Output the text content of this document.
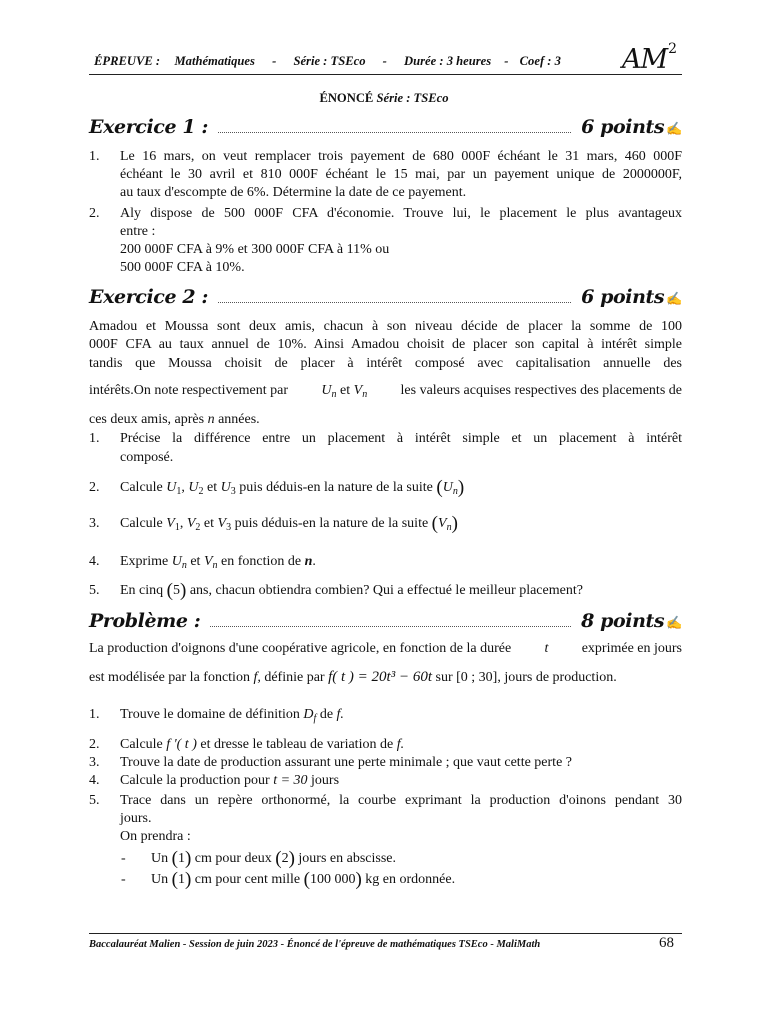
ÉPREUVE : Mathématiques - Série : TSEco - Durée : 3 heures - Coef : 3	$AM^2$
ÉNONCÉ Série : TSEco
Exercice 1 :	6 points ✍
1. Le 16 mars, on veut remplacer trois payement de 680 000F échéant le 31 mars, 460 000F
échéant le 30 avril et 810 000F échéant le 15 mai, par un payement unique de 2000000F,
au taux d'escompte de 6%. Détermine la date de ce payement.
2. Aly dispose de 500 000F CFA d'économie. Trouve lui, le placement le plus avantageux
entre :
200 000F CFA à 9% et 300 000F CFA à 11% ou
500 000F CFA à 10%.
Exercice 2 :	6 points ✍
Amadou et Moussa sont deux amis, chacun à son niveau décide de placer la somme de 100
000F CFA au taux annuel de 10%. Ainsi Amadou choisit de placer son capital à intérêt simple
tandis que Moussa choisit de placer à intérêt composé avec capitalisation annuelle des
intérêts.On note respectivement par $U_n$ et $V_n$ les valeurs acquises respectives des placements de
ces deux amis, après n années.
1. Précise la différence entre un placement à intérêt simple et un placement à intérêt
composé.
2. Calcule $U_1$, $U_2$ et $U_3$ puis déduis-en la nature de la suite $(U_n)$
3. Calcule $V_1$, $V_2$ et $V_3$ puis déduis-en la nature de la suite $(V_n)$
4. Exprime $U_n$ et $V_n$ en fonction de n.
5. En cinq (5) ans, chacun obtiendra combien? Qui a effectué le meilleur placement?
Problème :	8 points ✍
La production d'oignons d'une coopérative agricole, en fonction de la durée t exprimée en jours
est modélisée par la fonction f, définie par f( t ) = 20t³ − 60t sur [0 ; 30], jours de production.
1. Trouve le domaine de définition $D_f$ de f.
2. Calcule f '( t ) et dresse le tableau de variation de f.
3. Trouve la date de production assurant une perte minimale ; que vaut cette perte ?
4. Calcule la production pour t = 30 jours
5. Trace dans un repère orthonormé, la courbe exprimant la production d'oinons pendant 30
jours.
On prendra :
- Un (1) cm pour deux (2) jours en abscisse.
- Un (1) cm pour cent mille (100 000) kg en ordonnée.
Baccalauréat Malien - Session de juin 2023 - Énoncé de l'épreuve de mathématiques TSEco - MaliMath	68
